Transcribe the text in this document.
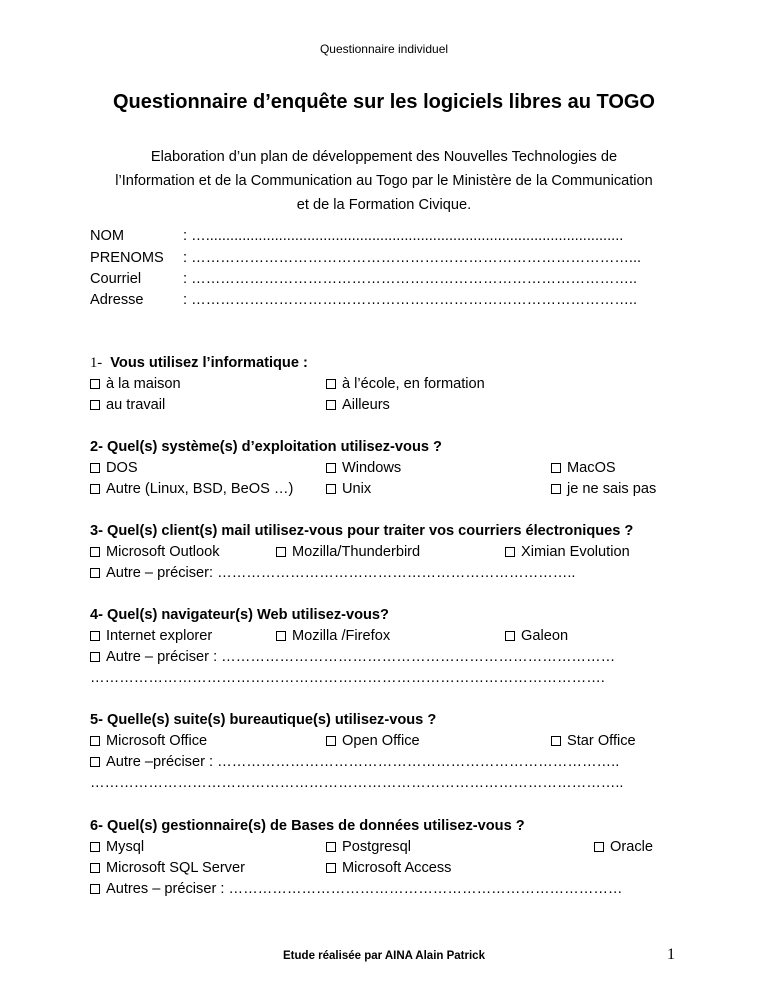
Questionnaire individuel
Questionnaire d’enquête sur les logiciels libres au TOGO
Elaboration d’un plan de développement des Nouvelles Technologies de
l’Information et de la Communication au Togo par le Ministère de la Communication
et de la Formation Civique.
NOM	: ….......................................................................................................
PRENOMS : ………………………………………………………………………………...
Courriel	: ………………………………………………………………………………..
Adresse	: ………………………………………………………………………………..
1- Vous utilisez l’informatique :
à la maison	à l’école, en formation
au travail	Ailleurs
2- Quel(s) système(s) d’exploitation utilisez-vous ?
DOS	Windows	MacOS
Autre (Linux, BSD, BeOS …)	Unix	je ne sais pas
3- Quel(s) client(s) mail utilisez-vous pour traiter vos courriers électroniques ?
Microsoft Outlook	Mozilla/Thunderbird	Ximian Evolution
Autre – préciser: ………………………………………………………………..
4- Quel(s) navigateur(s) Web utilisez-vous?
Internet explorer	Mozilla /Firefox	Galeon
Autre – préciser : ………………………………………………………………………
…………………………………………………………………………………………….
5- Quelle(s) suite(s) bureautique(s) utilisez-vous ?
Microsoft Office	Open Office	Star Office
Autre –préciser : ………………………………………………………………………..
………………………………………………………………………………………………..
6- Quel(s) gestionnaire(s) de Bases de données utilisez-vous ?
Mysql	Postgresql	Oracle
Microsoft SQL Server	Microsoft Access
Autres – préciser : ………………………………………………………………………
Etude réalisée par AINA Alain Patrick	1
